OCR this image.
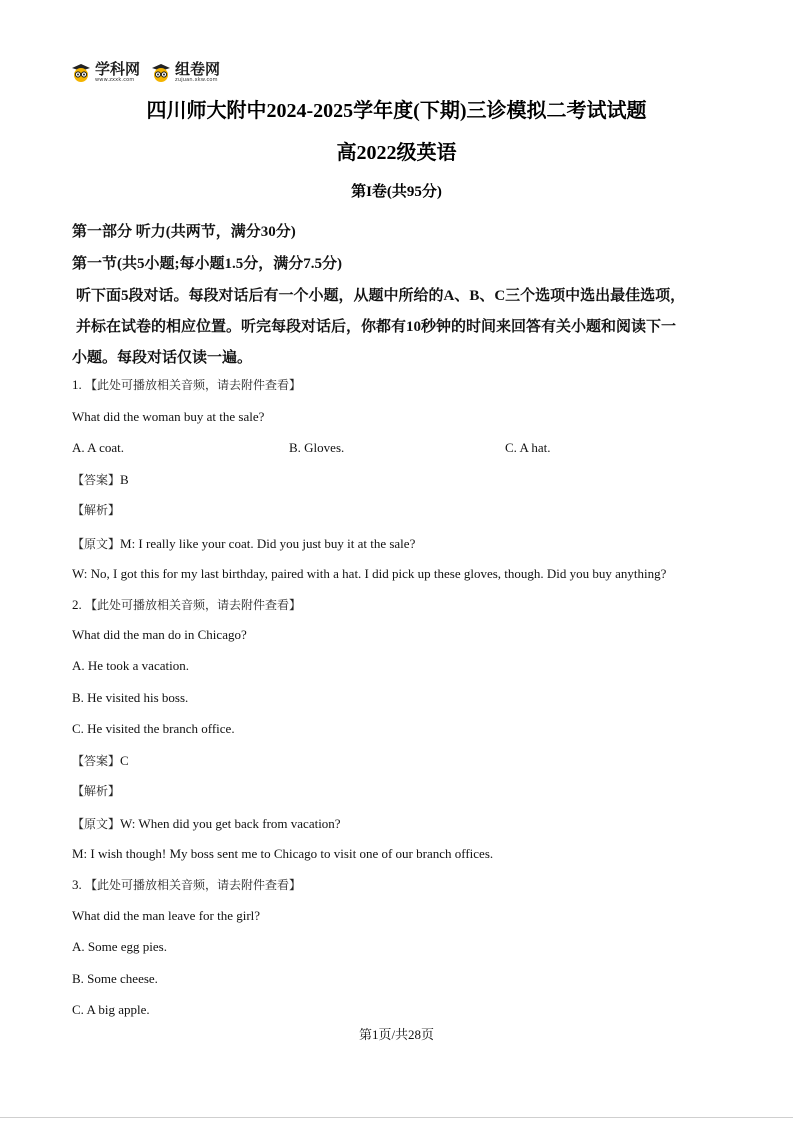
学科网
www.zxxk.com
组卷网
zujuan.xkw.com
四川师大附中2024-2025学年度(下期)三诊模拟二考试试题
高2022级英语
第I卷(共95分)
第一部分 听力(共两节，满分30分)
第一节(共5小题;每小题1.5分，满分7.5分)
听下面5段对话。每段对话后有一个小题，从题中所给的A、B、C三个选项中选出最佳选项，
并标在试卷的相应位置。听完每段对话后，你都有10秒钟的时间来回答有关小题和阅读下一
小题。每段对话仅读一遍。
1. 【此处可播放相关音频，请去附件查看】
What did the woman buy at the sale?
A. A coat.	B. Gloves.	C. A hat.
【答案】B
【解析】
【原文】M: I really like your coat. Did you just buy it at the sale?
W: No, I got this for my last birthday, paired with a hat. I did pick up these gloves, though. Did you buy anything?
2. 【此处可播放相关音频，请去附件查看】
What did the man do in Chicago?
A. He took a vacation.
B. He visited his boss.
C. He visited the branch office.
【答案】C
【解析】
【原文】W: When did you get back from vacation?
M: I wish though! My boss sent me to Chicago to visit one of our branch offices.
3. 【此处可播放相关音频，请去附件查看】
What did the man leave for the girl?
A. Some egg pies.
B. Some cheese.
C. A big apple.
第1页/共28页
